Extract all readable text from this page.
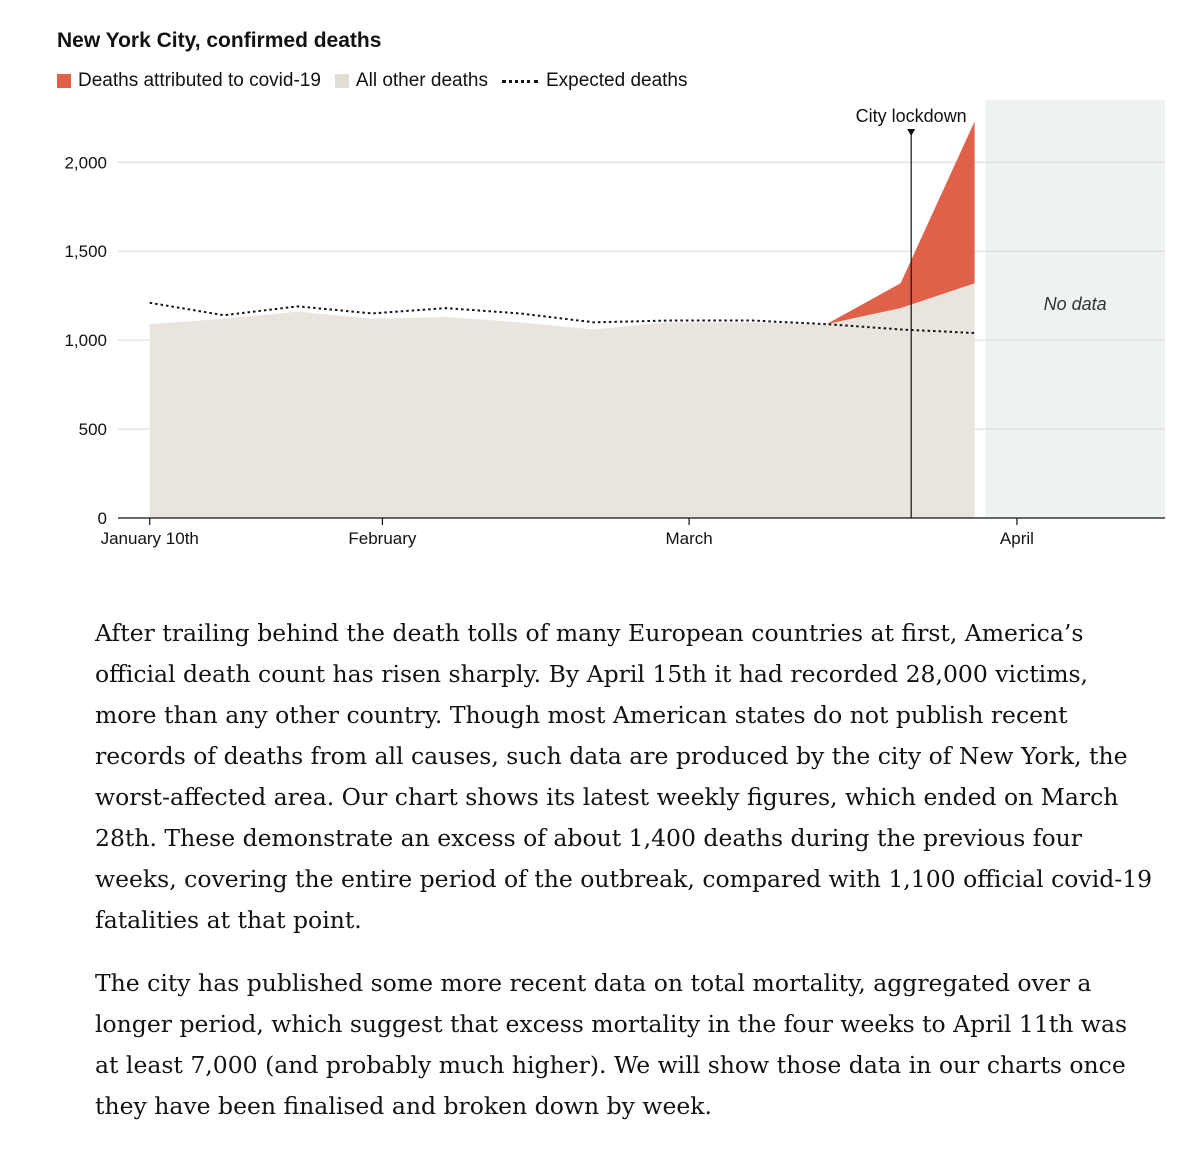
New York City, confirmed deaths
Deaths attributed to covid-19 All other deaths	Expected deaths
City lockdown
No data
0
500
1,000
1,500
2,000
January 10th	February	March	April

After trailing behind the death tolls of many European countries at first, America’s official death count has risen sharply. By April 15th it had recorded 28,000 victims, more than any other country. Though most American states do not publish recent records of deaths from all causes, such data are produced by the city of New York, the worst-affected area. Our chart shows its latest weekly figures, which ended on March 28th. These demonstrate an excess of about 1,400 deaths during the previous four weeks, covering the entire period of the outbreak, compared with 1,100 official covid-19 fatalities at that point.

The city has published some more recent data on total mortality, aggregated over a longer period, which suggest that excess mortality in the four weeks to April 11th was at least 7,000 (and probably much higher). We will show those data in our charts once they have been finalised and broken down by week.
